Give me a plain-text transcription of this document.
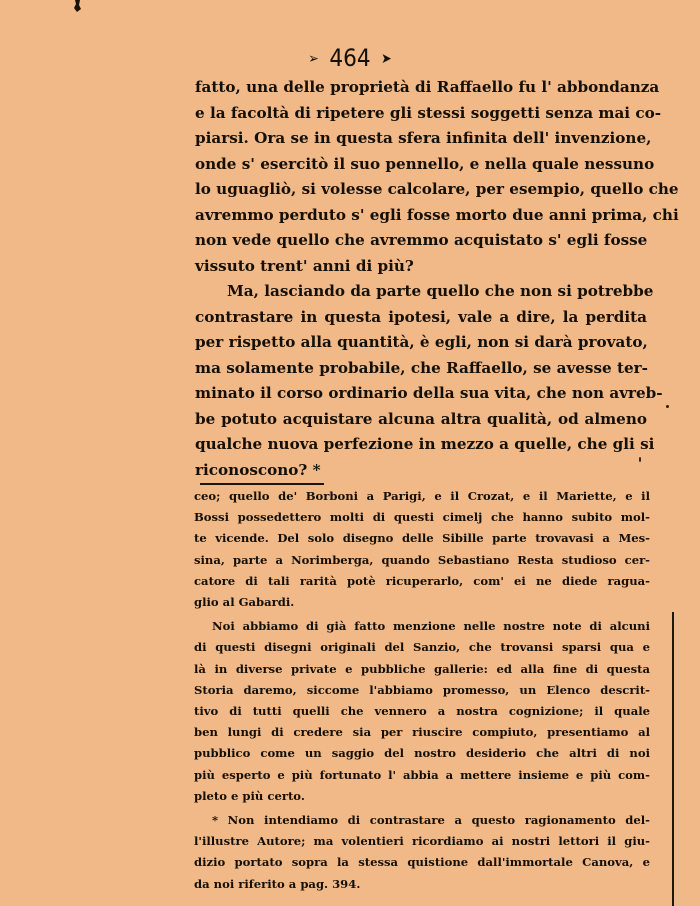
➢ 464 ➤

fatto, una delle proprietà di Raffaello fu l' abbondanza
e la facoltà di ripetere gli stessi soggetti senza mai co-
piarsi. Ora se in questa sfera infinita dell' invenzione,
onde s' esercitò il suo pennello, e nella quale nessuno
lo uguagliò, si volesse calcolare, per esempio, quello che
avremmo perduto s' egli fosse morto due anni prima, chi
non vede quello che avremmo acquistato s' egli fosse
vissuto trent' anni di più?

Ma, lasciando da parte quello che non si potrebbe
contrastare in questa ipotesi, vale a dire, la perdita
per rispetto alla quantità, è egli, non si darà provato,
ma solamente probabile, che Raffaello, se avesse ter-
minato il corso ordinario della sua vita, che non avreb-
be potuto acquistare alcuna altra qualità, od almeno
qualche nuova perfezione in mezzo a quelle, che gli si
riconoscono? *

ceo; quello de' Borboni a Parigi, e il Crozat, e il Mariette, e il
Bossi possedettero molti di questi cimelj che hanno subito mol-
te vicende. Del solo disegno delle Sibille parte trovavasi a Mes-
sina, parte a Norimberga, quando Sebastiano Resta studioso cer-
catore di tali rarità potè ricuperarlo, com' ei ne diede ragua-
glio al Gabardi.
Noi abbiamo di già fatto menzione nelle nostre note di alcuni
di questi disegni originali del Sanzio, che trovansi sparsi qua e
là in diverse private e pubbliche gallerie: ed alla fine di questa
Storia daremo, siccome l'abbiamo promesso, un Elenco descrit-
tivo di tutti quelli che vennero a nostra cognizione; il quale
ben lungi di credere sia per riuscire compiuto, presentiamo al
pubblico come un saggio del nostro desiderio che altri di noi
più esperto e più fortunato l' abbia a mettere insieme e più com-
pleto e più certo.
* Non intendiamo di contrastare a questo ragionamento del-
l'illustre Autore; ma volentieri ricordiamo ai nostri lettori il giu-
dizio portato sopra la stessa quistione dall'immortale Canova, e
da noi riferito a pag. 394.
